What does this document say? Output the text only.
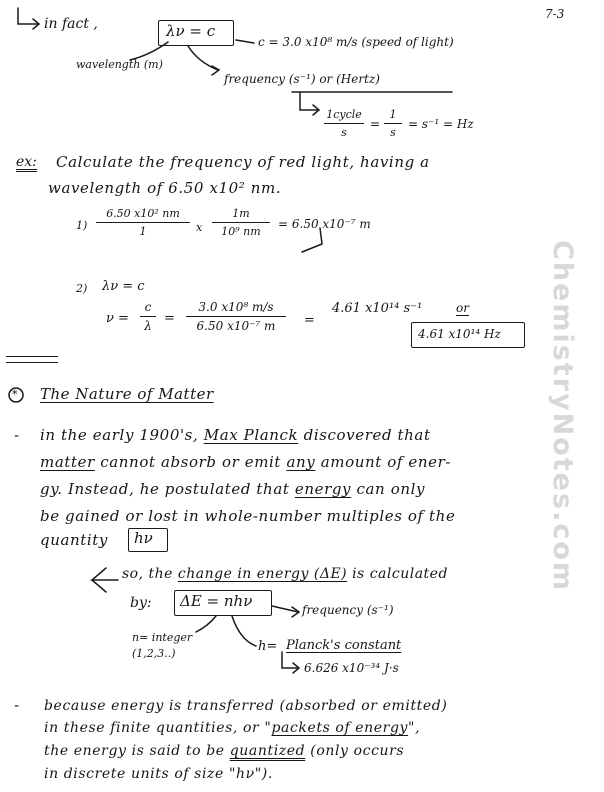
ChemistryNotes.com
7-3
in fact ,	λν = c
c = 3.0 x10⁸ m/s (speed of light)
wavelength (m)
frequency (s⁻¹) or (Hertz)
1cycle
s
=
1
s
= s⁻¹ = Hz
ex: Calculate the frequency of red light, having a
wavelength of 6.50 x10² nm.
1)
6.50 x10² nm
1	x
1m
10⁹ nm
= 6.50 x10⁻⁷ m
2) λν = c
ν =
c
λ =
3.0 x10⁸ m/s
6.50 x10⁻⁷ m	=
4.61 x10¹⁴ s⁻¹	or
4.61 x10¹⁴ Hz
* The Nature of Matter
- in the early 1900's, Max Planck discovered that
matter cannot absorb or emit any amount of ener-
gy. Instead, he postulated that energy can only
be gained or lost in whole-number multiples of the
quantity hν
so, the change in energy (ΔE) is calculated
by: ΔE = nhν	frequency (s⁻¹)
n= integer
(1,2,3..)	h= Planck's constant
6.626 x10⁻³⁴ J·s
- because energy is transferred (absorbed or emitted)
in these finite quantities, or "packets of energy",
the energy is said to be quantized (only occurs
in discrete units of size "hν").
